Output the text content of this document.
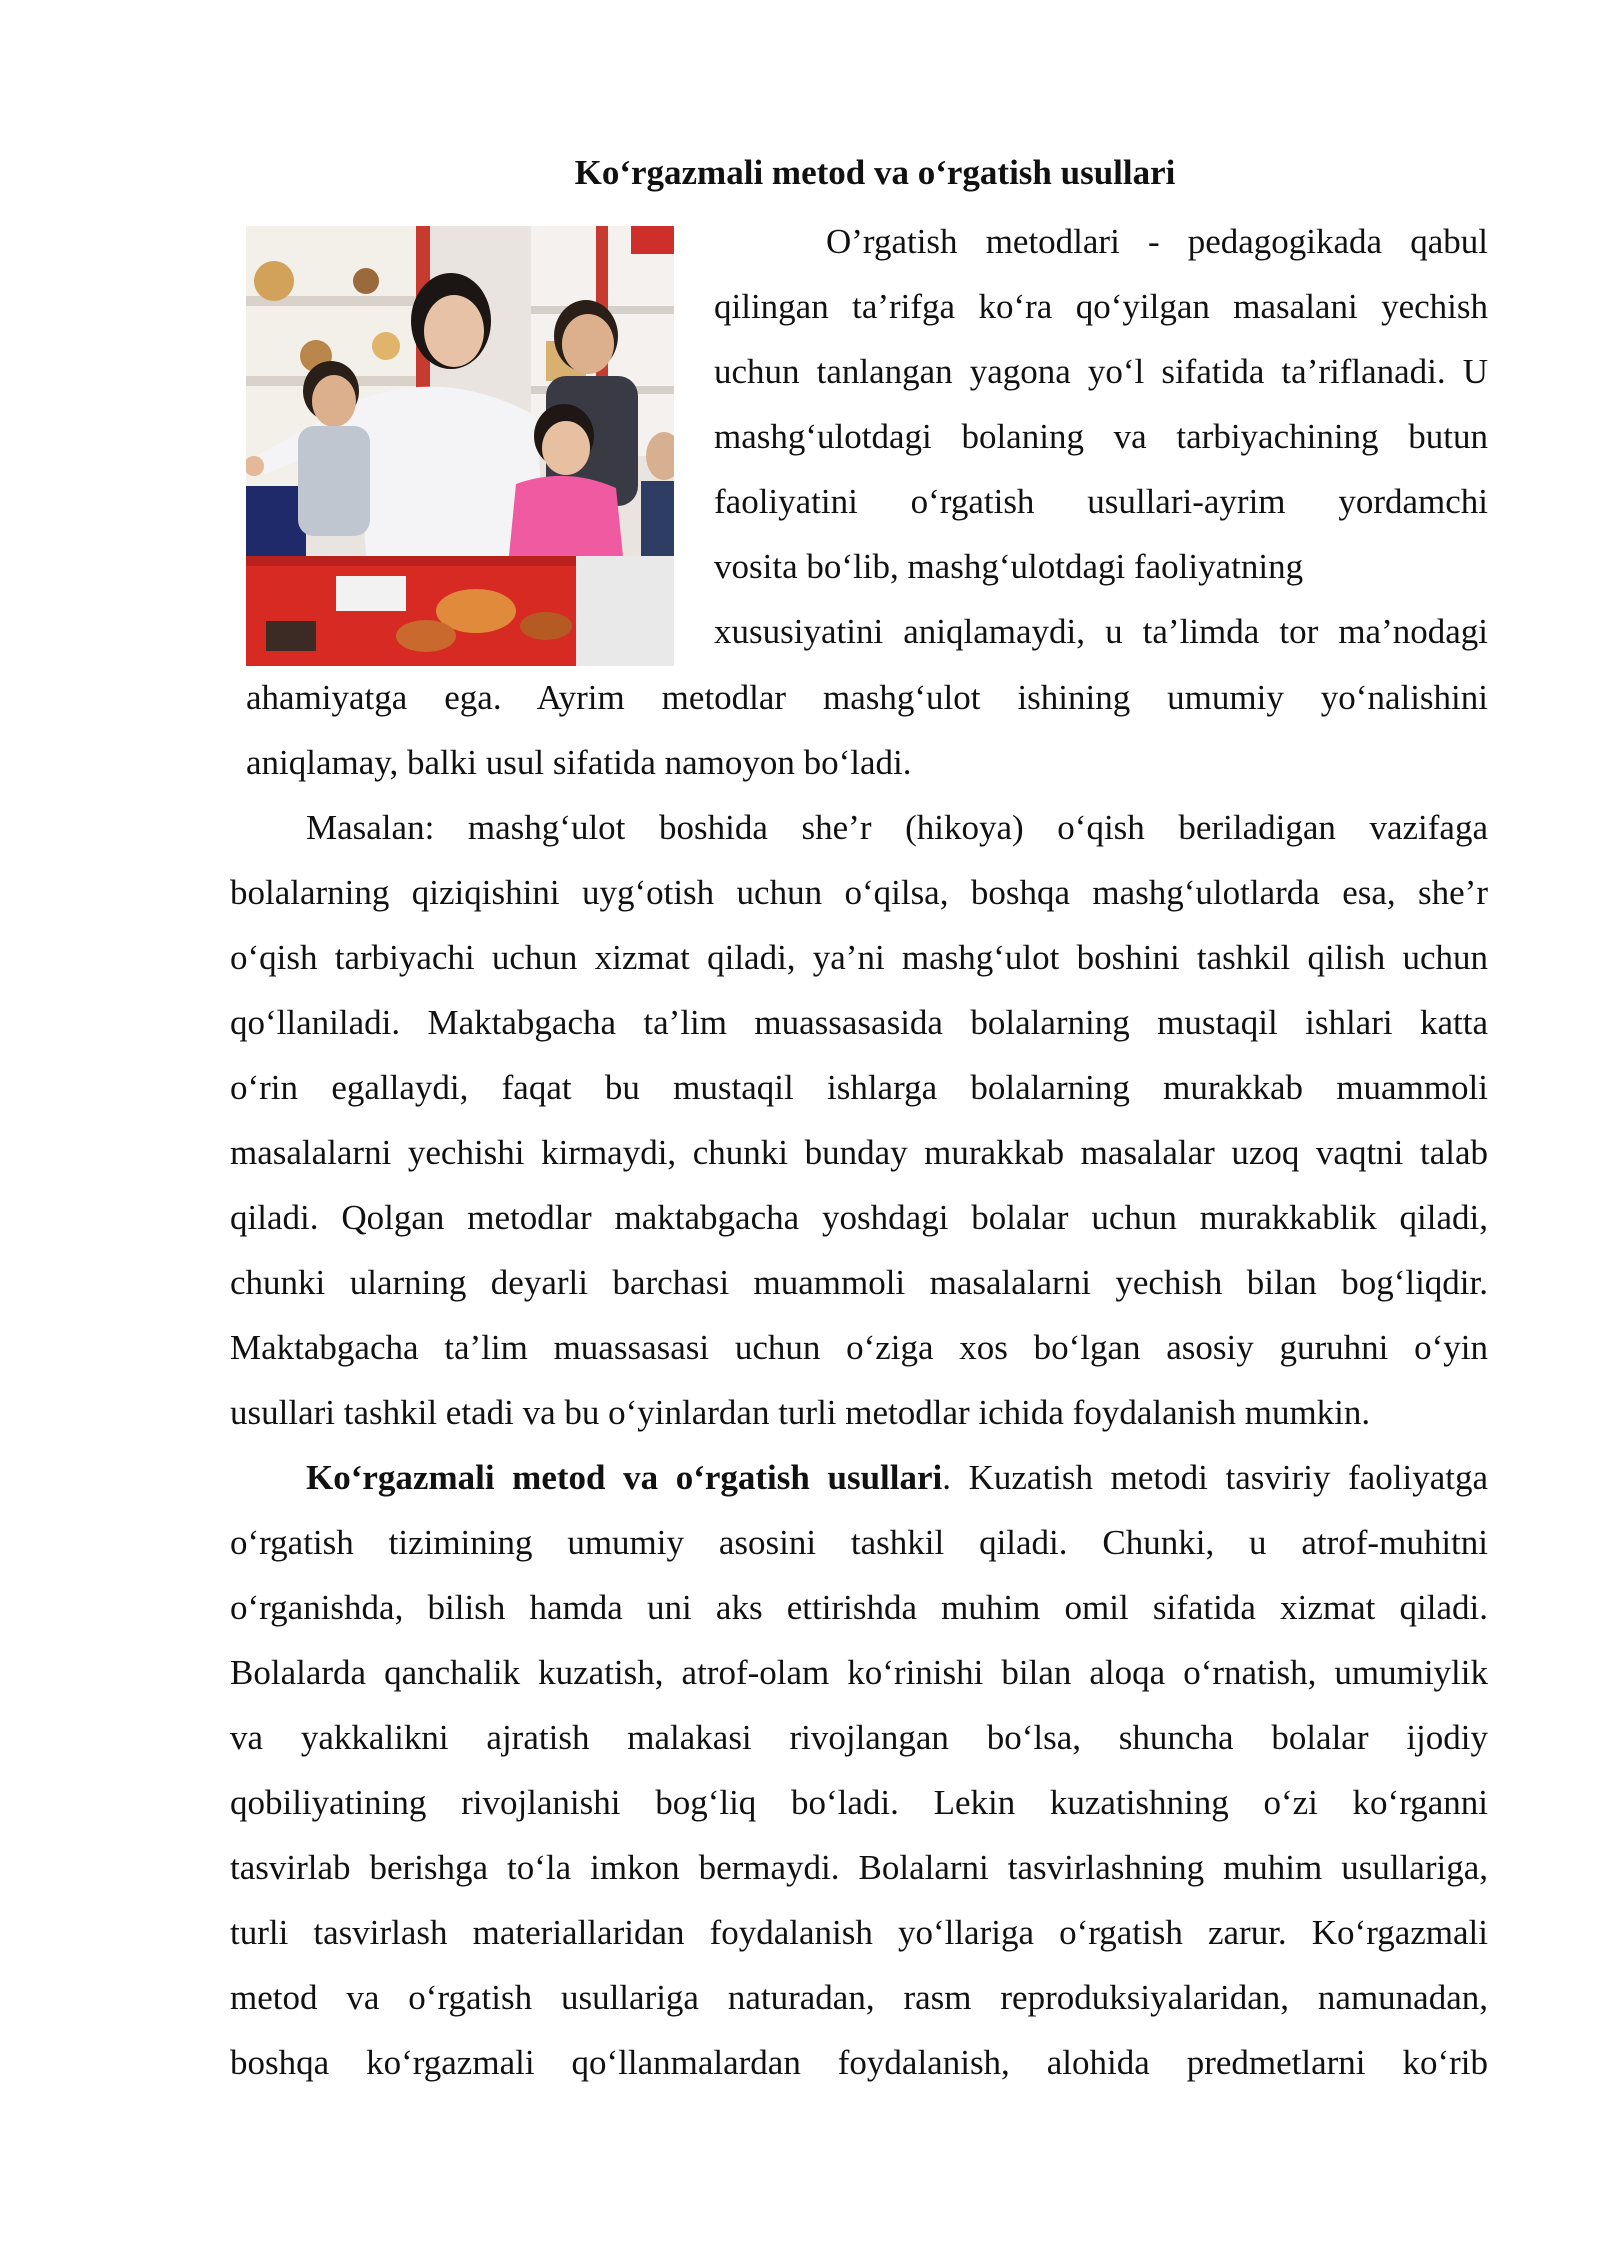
Ko‘rgazmali metod va o‘rgatish usullari
O’rgatish metodlari - pedagogikada qabul
qilingan ta’rifga ko‘ra qo‘yilgan masalani yechish
uchun tanlangan yagona yo‘l sifatida ta’riflanadi. U
mashg‘ulotdagi bolaning va tarbiyachining butun
faoliyatini o‘rgatish usullari-ayrim yordamchi
vosita bo‘lib, mashg‘ulotdagi faoliyatning
xususiyatini aniqlamaydi, u ta’limda tor ma’nodagi
ahamiyatga ega. Ayrim metodlar mashg‘ulot ishining umumiy yo‘nalishini
aniqlamay, balki usul sifatida namoyon bo‘ladi.
Masalan: mashg‘ulot boshida she’r (hikoya) o‘qish beriladigan vazifaga
bolalarning qiziqishini uyg‘otish uchun o‘qilsa, boshqa mashg‘ulotlarda esa, she’r
o‘qish tarbiyachi uchun xizmat qiladi, ya’ni mashg‘ulot boshini tashkil qilish uchun
qo‘llaniladi. Maktabgacha ta’lim muassasasida bolalarning mustaqil ishlari katta
o‘rin egallaydi, faqat bu mustaqil ishlarga bolalarning murakkab muammoli
masalalarni yechishi kirmaydi, chunki bunday murakkab masalalar uzoq vaqtni talab
qiladi. Qolgan metodlar maktabgacha yoshdagi bolalar uchun murakkablik qiladi,
chunki ularning deyarli barchasi muammoli masalalarni yechish bilan bog‘liqdir.
Maktabgacha ta’lim muassasasi uchun o‘ziga xos bo‘lgan asosiy guruhni o‘yin
usullari tashkil etadi va bu o‘yinlardan turli metodlar ichida foydalanish mumkin.
Ko‘rgazmali metod va o‘rgatish usullari. Kuzatish metodi tasviriy faoliyatga
o‘rgatish tizimining umumiy asosini tashkil qiladi. Chunki, u atrof-muhitni
o‘rganishda, bilish hamda uni aks ettirishda muhim omil sifatida xizmat qiladi.
Bolalarda qanchalik kuzatish, atrof-olam ko‘rinishi bilan aloqa o‘rnatish, umumiylik
va yakkalikni ajratish malakasi rivojlangan bo‘lsa, shuncha bolalar ijodiy
qobiliyatining rivojlanishi bog‘liq bo‘ladi. Lekin kuzatishning o‘zi ko‘rganni
tasvirlab berishga to‘la imkon bermaydi. Bolalarni tasvirlashning muhim usullariga,
turli tasvirlash materiallaridan foydalanish yo‘llariga o‘rgatish zarur. Ko‘rgazmali
metod va o‘rgatish usullariga naturadan, rasm reproduksiyalaridan, namunadan,
boshqa ko‘rgazmali qo‘llanmalardan foydalanish, alohida predmetlarni ko‘rib
